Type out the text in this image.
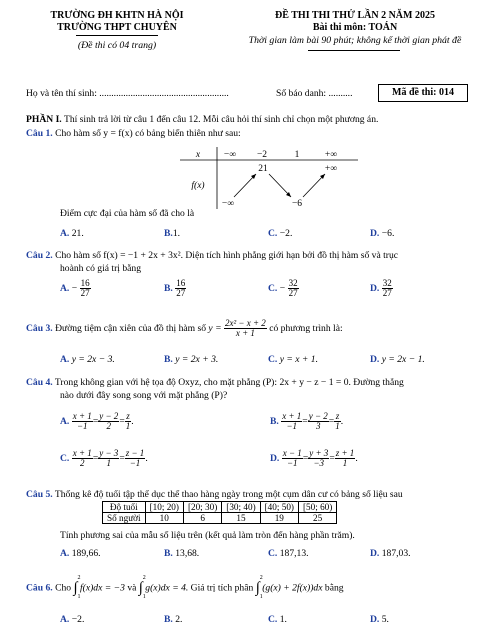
TRƯỜNG ĐH KHTN HÀ NỘI
TRƯỜNG THPT CHUYÊN
(Đề thi có 04 trang)
ĐỀ THI THI THỬ LẦN 2 NĂM 2025
Bài thi môn: TOÁN
Thời gian làm bài 90 phút; không kể thời gian phát đề
Họ và tên thí sinh: ......................................................	Số báo danh: ..........	Mã đề thi: 014
PHẦN I. Thí sinh trả lời từ câu 1 đến câu 12. Mỗi câu hỏi thí sinh chỉ chọn một phương án.
Câu 1. Cho hàm số y = f(x) có bảng biến thiên như sau:
x	−∞ −2	1	+∞
f(x)
21	+∞
−∞	−6
Điểm cực đại của hàm số đã cho là
A. 21.	B.1.	C. −2.	D. −6.
Câu 2. Cho hàm số f(x) = −1 + 2x + 3x². Diện tích hình phẳng giới hạn bởi đồ thị hàm số và trục
hoành có giá trị bằng
A. − $\frac{16}{27}$	B. $\frac{16}{27}$	C. − $\frac{32}{27}$	D. $\frac{32}{27}$
Câu 3. Đường tiệm cận xiên của đồ thị hàm số $y = \frac{\text{2x² − x + 2}}{x + 1}$ có phương trình là:
A. y = 2x − 3.	B. y = 2x + 3.	C. y = x + 1.	D. y = 2x − 1.
Câu 4. Trong không gian với hệ tọa độ Oxyz, cho mặt phẳng (P): 2x + y − z − 1 = 0. Đường thẳng
nào dưới đây song song với mặt phẳng (P)?
A. $\frac{x + 1}{-1} = \frac{y - 2}{2} = \frac{z}{1}$ .	B. $\frac{x + 1}{-1} = \frac{y - 2}{3} = \frac{z}{1}$ .
C. $\frac{x + 1}{2} = \frac{y - 3}{1} = \frac{z - 1}{-1}$ .	D. $\frac{x - 1}{-1} = \frac{y + 3}{-3} = \frac{z + 1}{1}$ .
Câu 5. Thống kê độ tuổi tập thể dục thể thao hàng ngày trong một cụm dân cư có bảng số liệu sau
Độ tuổi	[10; 20)	[20; 30)	[30; 40)	[40; 50)	[50; 60)
Số người	10	6	15	19	25
Tính phương sai của mẫu số liệu trên (kết quả làm tròn đến hàng phần trăm).
A. 189,66.	B. 13,68.	C. 187,13.	D. 187,03.
Câu 6. Cho ∫
2
1
f(x)dx = −3 và ∫
2
1
g(x)dx = 4. Giá trị tích phân ∫
2
1
(g(x) + 2f(x))dx bằng
A. −2.	B. 2.	C. 1.	D. 5.
